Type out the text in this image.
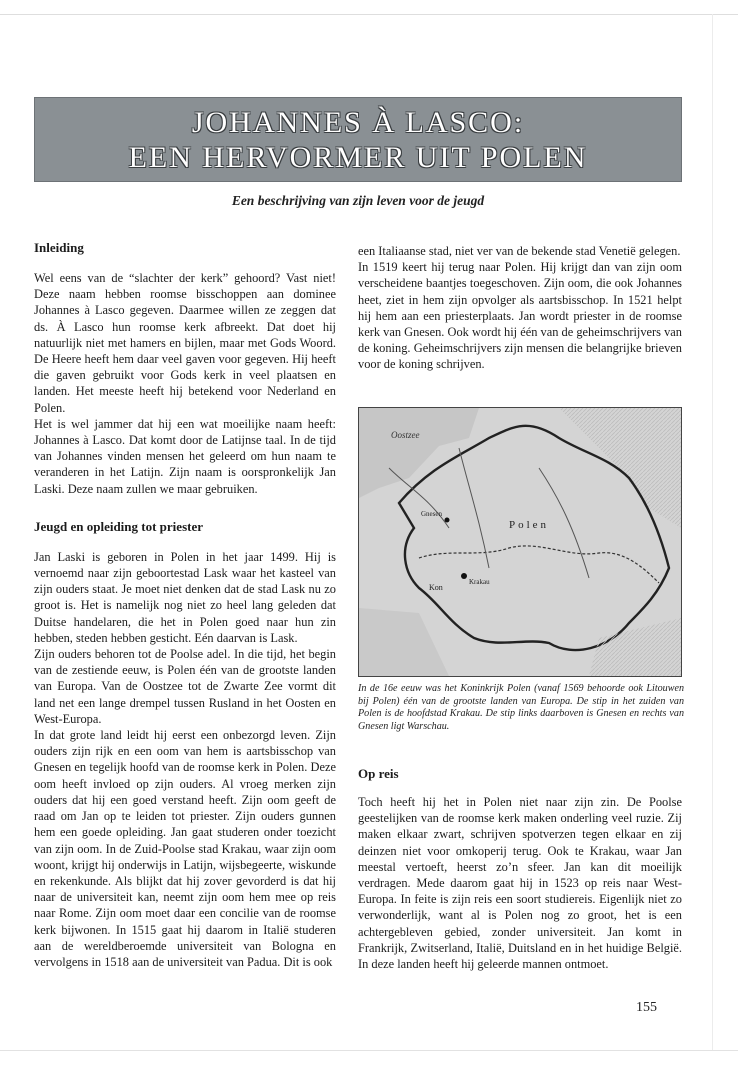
JOHANNES À LASCO:
EEN HERVORMER UIT POLEN
Een beschrijving van zijn leven voor de jeugd
Inleiding

Wel eens van de “slachter der kerk” gehoord? Vast niet! Deze naam hebben roomse bisschoppen aan dominee Johannes à Lasco gegeven. Daarmee willen ze zeggen dat ds. À Lasco hun roomse kerk afbreekt. Dat doet hij natuurlijk niet met hamers en bijlen, maar met Gods Woord. De Heere heeft hem daar veel gaven voor gegeven. Hij heeft die gaven gebruikt voor Gods kerk in veel plaatsen en landen. Het meeste heeft hij betekend voor Nederland en Polen.

Het is wel jammer dat hij een wat moeilijke naam heeft: Johannes à Lasco. Dat komt door de Latijnse taal. In de tijd van Johannes vinden mensen het geleerd om hun naam te veranderen in het Latijn. Zijn naam is oorspronkelijk Jan Laski. Deze naam zullen we maar gebruiken.

Jeugd en opleiding tot priester

Jan Laski is geboren in Polen in het jaar 1499. Hij is vernoemd naar zijn geboortestad Lask waar het kasteel van zijn ouders staat. Je moet niet denken dat de stad Lask nu zo groot is. Het is namelijk nog niet zo heel lang geleden dat Duitse handelaren, die het in Polen goed naar hun zin hebben, steden hebben gesticht. Eén daarvan is Lask.

Zijn ouders behoren tot de Poolse adel. In die tijd, het begin van de zestiende eeuw, is Polen één van de grootste landen van Europa. Van de Oostzee tot de Zwarte Zee vormt dit land net een lange drempel tussen Rusland in het Oosten en West-Europa.

In dat grote land leidt hij eerst een onbezorgd leven. Zijn ouders zijn rijk en een oom van hem is aartsbisschop van Gnesen en tegelijk hoofd van de roomse kerk in Polen. Deze oom heeft invloed op zijn ouders. Al vroeg merken zijn ouders dat hij een goed verstand heeft. Zijn oom geeft de raad om Jan op te leiden tot priester. Zijn ouders gunnen hem een goede opleiding. Jan gaat studeren onder toezicht van zijn oom. In de Zuid-Poolse stad Krakau, waar zijn oom woont, krijgt hij onderwijs in Latijn, wijsbegeerte, wiskunde en rekenkunde. Als blijkt dat hij zover gevorderd is dat hij naar de universiteit kan, neemt zijn oom hem mee op reis naar Rome. Zijn oom moet daar een concilie van de roomse kerk bijwonen. In 1515 gaat hij daarom in Italië studeren aan de wereldberoemde universiteit van Bologna en vervolgens in 1518 aan de universiteit van Padua. Dit is ook

een Italiaanse stad, niet ver van de bekende stad Venetië gelegen.

In 1519 keert hij terug naar Polen. Hij krijgt dan van zijn oom verscheidene baantjes toegeschoven. Zijn oom, die ook Johannes heet, ziet in hem zijn opvolger als aartsbisschop. In 1521 helpt hij hem aan een priesterplaats. Jan wordt priester in de roomse kerk van Gnesen. Ook wordt hij één van de geheimschrijvers van de koning. Geheimschrijvers zijn mensen die belangrijke brieven voor de koning schrijven.

Oostzee
Polen
Kon
Krakau
Gnesen
In de 16e eeuw was het Koninkrijk Polen (vanaf 1569 behoorde ook Litouwen bij Polen) één van de grootste landen van Europa. De stip in het zuiden van Polen is de hoofdstad Krakau. De stip links daarboven is Gnesen en rechts van Gnesen ligt Warschau.
Op reis

Toch heeft hij het in Polen niet naar zijn zin. De Poolse geestelijken van de roomse kerk maken onderling veel ruzie. Zij maken elkaar zwart, schrijven spotverzen tegen elkaar en zij deinzen niet voor omkoperij terug. Ook te Krakau, waar Jan meestal vertoeft, heerst zo’n sfeer. Jan kan dit moeilijk verdragen. Mede daarom gaat hij in 1523 op reis naar West-Europa. In feite is zijn reis een soort studiereis. Eigenlijk niet zo verwonderlijk, want al is Polen nog zo groot, het is een achtergebleven gebied, zonder universiteit. Jan komt in Frankrijk, Zwitserland, Italië, Duitsland en in het huidige België. In deze landen heeft hij geleerde mannen ontmoet.

155
